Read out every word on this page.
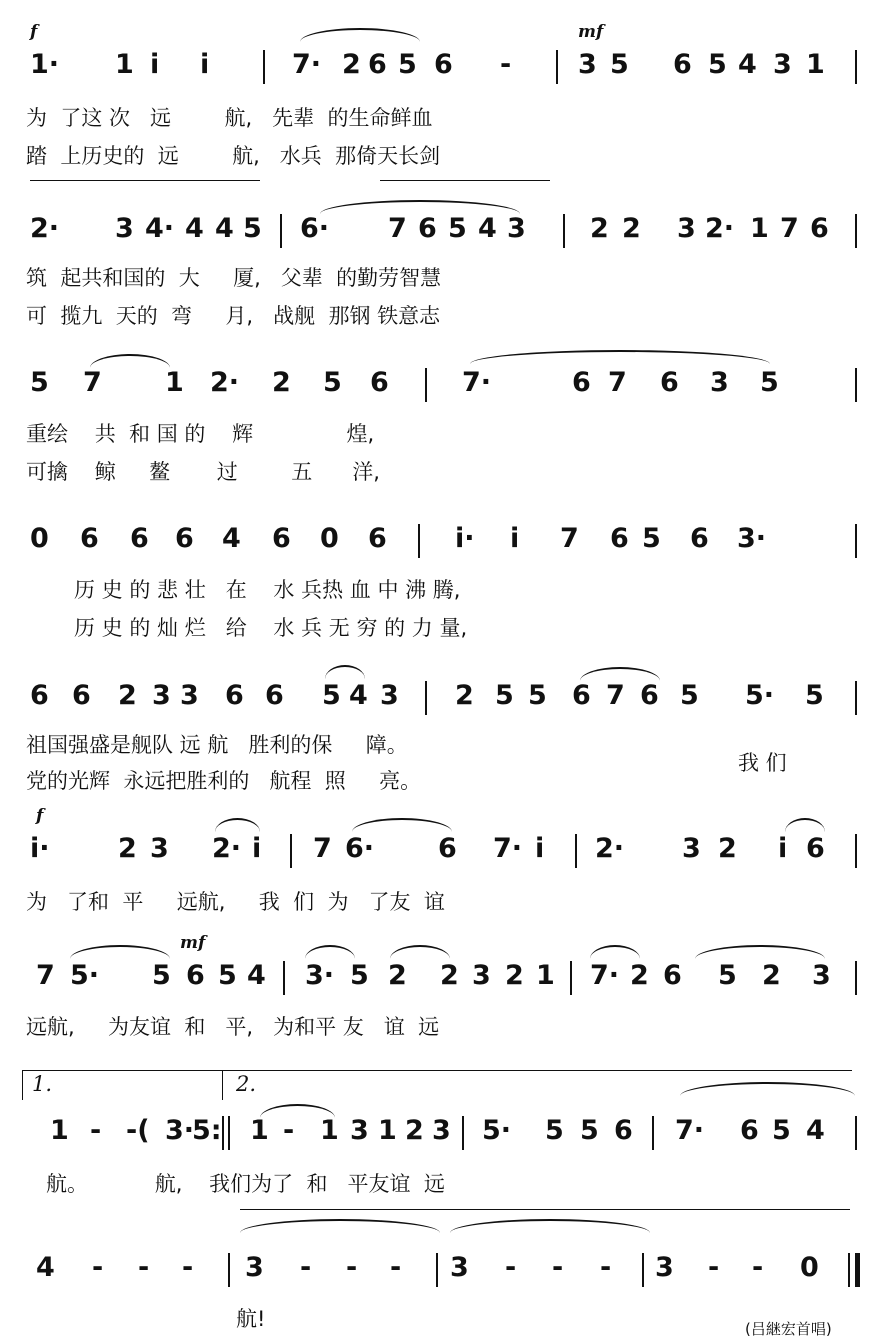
f	mf
1· 1 i i	7· 2 6 5 6 - 3 5 6 5 4 3 1
为  了这 次   远        航,   先辈  的生命鲜血
踏  上历史的  远        航,   水兵  那倚天长剑
2· 3 4· 4 4 5 6· 7 6 5 4 3 2 2 3 2· 1 7 6
筑  起共和国的  大     厦,   父辈  的勤劳智慧
可  揽九  天的  弯     月,   战舰  那钢 铁意志
5 7 1 2· 2 5 6	7·	6 7 6 3 5
重绘    共  和 国 的    辉              煌,
可擒    鲸     鳌       过        五      洋,
0 6 6 6 4 6 0 6	i· i 7 6 5 6 3·
历 史 的 悲 壮   在    水 兵热 血 中 沸 腾,
历 史 的 灿 烂   给    水 兵 无 穷 的 力 量,
6 6 2 3 3 6 6 5 4 3 2 5 5 6 7 6 5 5· 5
祖国强盛是舰队 远 航   胜利的保     障。
党的光辉  永远把胜利的   航程  照     亮。
我 们
f
i·	2 3 2· i 7 6· 6 7· i 2· 3 2 i 6
为   了和  平     远航,     我  们  为   了友  谊
mf
7 5· 5 6 5 4 3· 5 2 2 3 2 1 7· 2 6 5 2 3
远航,     为友谊  和   平,   为和平 友   谊  远
1.	2.
1 - -( 3·
5: 1 - 1 3 1 2 3 5· 5 5 6 7· 6 5 4
航。          航,    我们为了  和   平友谊  远
4 - - - 3 - - - 3 - - - 3 - - 0
航!	(吕継宏首唱)
